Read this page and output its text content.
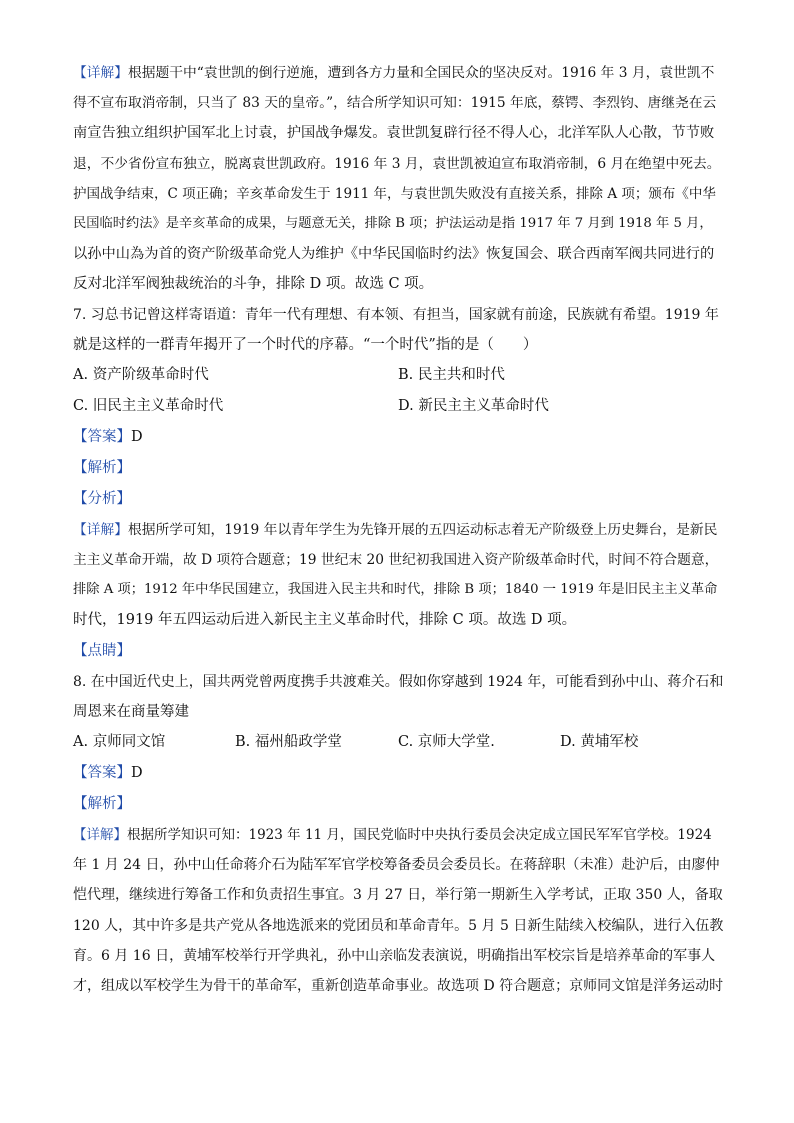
【详解】根据题干中“袁世凯的倒行逆施，遭到各方力量和全国民众的坚决反对。1916 年 3 月，袁世凯不
得不宣布取消帝制，只当了 83 天的皇帝。”，结合所学知识可知：1915 年底，蔡锷、李烈钧、唐继尧在云
南宣告独立组织护国军北上讨袁，护国战争爆发。袁世凯复辟行径不得人心，北洋军队人心散，节节败
退，不少省份宣布独立，脱离袁世凯政府。1916 年 3 月，袁世凯被迫宣布取消帝制，6 月在绝望中死去。
护国战争结束，C 项正确；辛亥革命发生于 1911 年，与袁世凯失败没有直接关系，排除 A 项；颁布《中华
民国临时约法》是辛亥革命的成果，与题意无关，排除 B 项；护法运动是指 1917 年 7 月到 1918 年 5 月，
以孙中山為为首的资产阶级革命党人为维护《中华民国临时约法》恢复国会、联合西南军阀共同进行的
反对北洋军阀独裁统治的斗争，排除 D 项。故选 C 项。
7. 习总书记曾这样寄语道：青年一代有理想、有本领、有担当，国家就有前途，民族就有希望。1919 年
就是这样的一群青年揭开了一个时代的序幕。“一个时代”指的是（　　）
A. 资产阶级革命时代	B. 民主共和时代
C. 旧民主主义革命时代	D. 新民主主义革命时代
【答案】D
【解析】
【分析】
【详解】根据所学可知，1919 年以青年学生为先锋开展的五四运动标志着无产阶级登上历史舞台，是新民
主主义革命开端，故 D 项符合题意；19 世纪末 20 世纪初我国进入资产阶级革命时代，时间不符合题意，
排除 A 项；1912 年中华民国建立，我国进入民主共和时代，排除 B 项；1840 一 1919 年是旧民主主义革命
时代，1919 年五四运动后进入新民主主义革命时代，排除 C 项。故选 D 项。
【点睛】
8. 在中国近代史上，国共两党曾两度携手共渡难关。假如你穿越到 1924 年，可能看到孙中山、蒋介石和
周恩来在商量筹建
A. 京师同文馆	B. 福州船政学堂	C. 京师大学堂.	D. 黄埔军校
【答案】D
【解析】
【详解】根据所学知识可知：1923 年 11 月，国民党临时中央执行委员会决定成立国民军军官学校。1924
年 1 月 24 日，孙中山任命蒋介石为陆军军官学校筹备委员会委员长。在蒋辞职（未准）赴沪后，由廖仲
恺代理，继续进行筹备工作和负责招生事宜。3 月 27 日，举行第一期新生入学考试，正取 350 人，备取
120 人，其中许多是共产党从各地选派来的党团员和革命青年。5 月 5 日新生陆续入校编队，进行入伍教
育。6 月 16 日，黄埔军校举行开学典礼，孙中山亲临发表演说，明确指出军校宗旨是培养革命的军事人
才，组成以军校学生为骨干的革命军，重新创造革命事业。故选项 D 符合题意；京师同文馆是洋务运动时
